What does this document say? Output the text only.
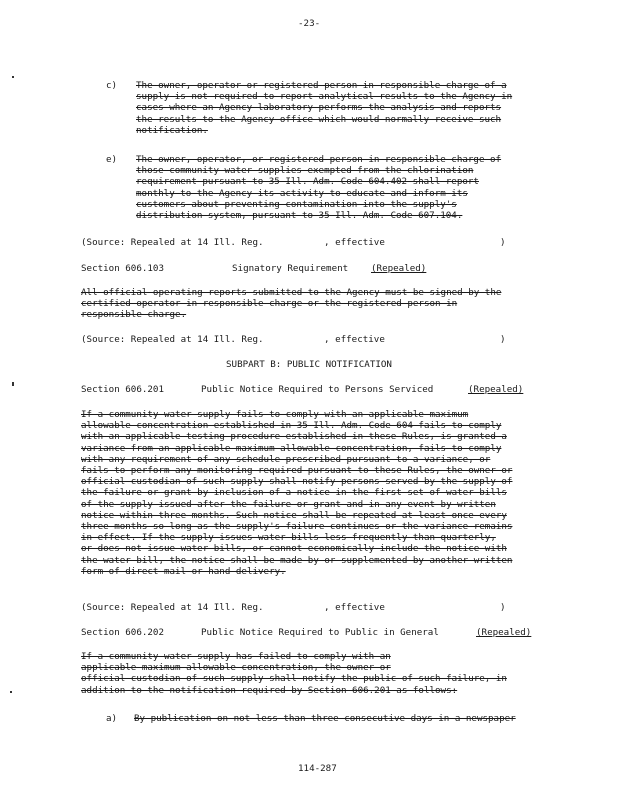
-23-
c) The owner, operator or registered person in responsible charge of a
supply is not required to report analytical results to the Agency in
cases where an Agency laboratory performs the analysis and reports
the results to the Agency office which would normally receive such
notification.
e) The owner, operator, or registered person in responsible charge of
those community water supplies exempted from the chlorination
requirement pursuant to 35 Ill. Adm. Code 604.402 shall report
monthly to the Agency its activity to educate and inform its
customers about preventing contamination into the supply's
distribution system, pursuant to 35 Ill. Adm. Code 607.104.
(Source: Repealed at 14 Ill. Reg.	, effective	)
Section 606.103	Signatory Requirement (Repealed)
All official operating reports submitted to the Agency must be signed by the
certified operator in responsible charge or the registered person in
responsible charge.
(Source: Repealed at 14 Ill. Reg.	, effective	)
SUBPART B: PUBLIC NOTIFICATION
Section 606.201	Public Notice Required to Persons Serviced	(Repealed)
If a community water supply fails to comply with an applicable maximum
allowable concentration established in 35 Ill. Adm. Code 604 fails to comply
with an applicable testing procedure established in these Rules, is granted a
variance from an applicable maximum allowable concentration, fails to comply
with any requirement of any schedule prescribed pursuant to a variance, or
fails to perform any monitoring required pursuant to these Rules, the owner or
official custodian of such supply shall notify persons served by the supply of
the failure or grant by inclusion of a notice in the first set of water bills
of the supply issued after the failure or grant and in any event by written
notice within three months. Such notice shall be repeated at least once every
three months so long as the supply's failure continues or the variance remains
in effect. If the supply issues water bills less frequently than quarterly,
or does not issue water bills, or cannot economically include the notice with
the water bill, the notice shall be made by or supplemented by another written
form of direct mail or hand delivery.
(Source: Repealed at 14 Ill. Reg.	, effective	)
Section 606.202	Public Notice Required to Public in General	(Repealed)
If a community water supply has failed to comply with an
applicable maximum allowable concentration, the owner or
official custodian of such supply shall notify the public of such failure, in
addition to the notification required by Section 606.201 as follows:
a) By publication on not less than three consecutive days in a newspaper
114-287
